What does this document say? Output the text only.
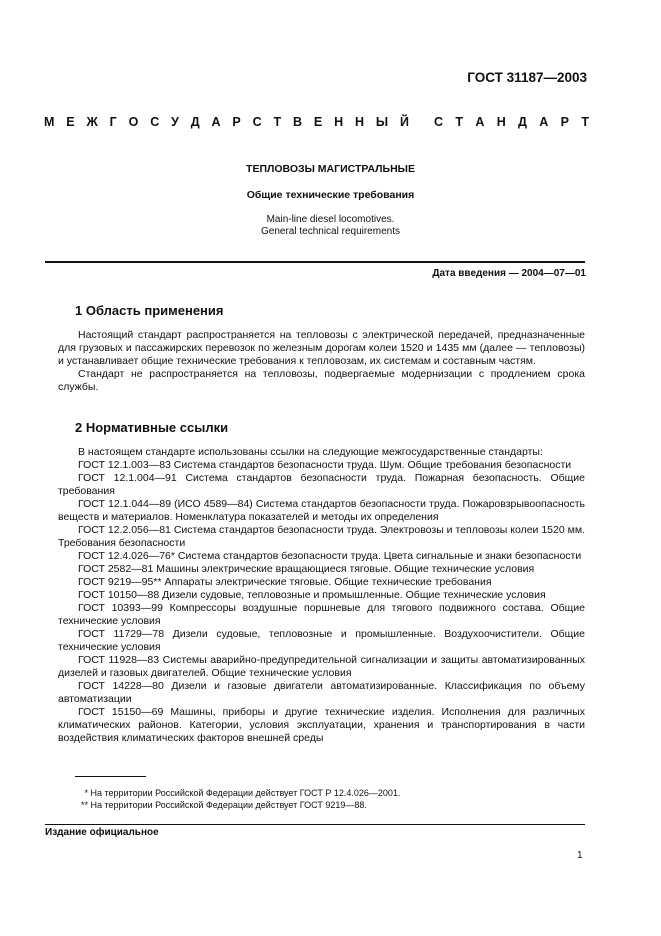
ГОСТ 31187—2003
М Е Ж Г О С У Д А Р С Т В Е Н Н Ы Й С Т А Н Д А Р Т
ТЕПЛОВОЗЫ МАГИСТРАЛЬНЫЕ
Общие технические требования
Main-line diesel locomotives.
General technical requirements
Дата введения — 2004—07—01
1 Область применения

Настоящий стандарт распространяется на тепловозы с электрической передачей, предназначенные для грузовых и пассажирских перевозок по железным дорогам колеи 1520 и 1435 мм (далее — тепловозы) и устанавливает общие технические требования к тепловозам, их системам и составным частям.

Стандарт не распространяется на тепловозы, подвергаемые модернизации с продлением срока службы.

2 Нормативные ссылки

В настоящем стандарте использованы ссылки на следующие межгосударственные стандарты:

ГОСТ 12.1.003—83 Система стандартов безопасности труда. Шум. Общие требования безопасности

ГОСТ 12.1.004—91 Система стандартов безопасности труда. Пожарная безопасность. Общие требования

ГОСТ 12.1.044—89 (ИСО 4589—84) Система стандартов безопасности труда. Пожаровзрывоопасность веществ и материалов. Номенклатура показателей и методы их определения

ГОСТ 12.2.056—81 Система стандартов безопасности труда. Электровозы и тепловозы колеи 1520 мм. Требования безопасности

ГОСТ 12.4.026—76* Система стандартов безопасности труда. Цвета сигнальные и знаки безопасности

ГОСТ 2582—81 Машины электрические вращающиеся тяговые. Общие технические условия

ГОСТ 9219—95** Аппараты электрические тяговые. Общие технические требования

ГОСТ 10150—88 Дизели судовые, тепловозные и промышленные. Общие технические условия

ГОСТ 10393—99 Компрессоры воздушные поршневые для тягового подвижного состава. Общие технические условия

ГОСТ 11729—78 Дизели судовые, тепловозные и промышленные. Воздухоочистители. Общие технические условия

ГОСТ 11928—83 Системы аварийно-предупредительной сигнализации и защиты автоматизированных дизелей и газовых двигателей. Общие технические условия

ГОСТ 14228—80 Дизели и газовые двигатели автоматизированные. Классификация по объему автоматизации

ГОСТ 15150—69 Машины, приборы и другие технические изделия. Исполнения для различных климатических районов. Категории, условия эксплуатации, хранения и транспортирования в части воздействия климатических факторов внешней среды

* На территории Российской Федерации действует ГОСТ Р 12.4.026—2001.
** На территории Российской Федерации действует ГОСТ 9219—88.
Издание официальное
1
